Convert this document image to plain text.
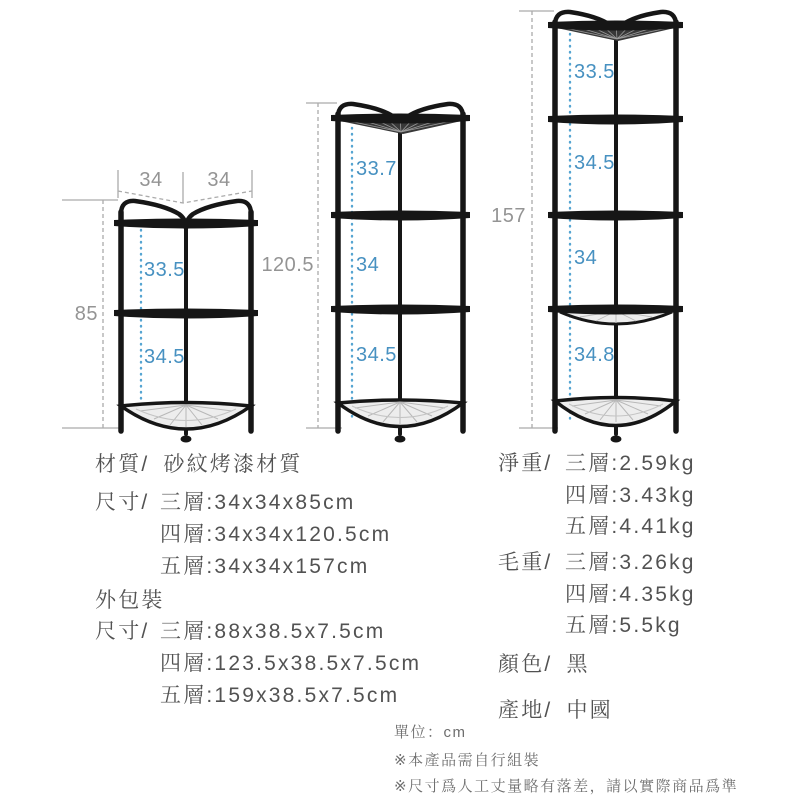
34	34
85
33.5
34.5
120.5
33.7
34
34.5
157
33.5
34.5
34
34.8
材質/ 砂紋烤漆材質
尺寸/ 三層:34x34x85cm
四層:34x34x120.5cm
五層:34x34x157cm
外包裝
尺寸/ 三層:88x38.5x7.5cm
四層:123.5x38.5x7.5cm
五層:159x38.5x7.5cm
淨重/ 三層:2.59kg
四層:3.43kg
五層:4.41kg
毛重/ 三層:3.26kg
四層:4.35kg
五層:5.5kg
顏色/ 黑
產地/ 中國
單位：cm
※本產品需自行組裝
※尺寸爲人工丈量略有落差，請以實際商品爲準
